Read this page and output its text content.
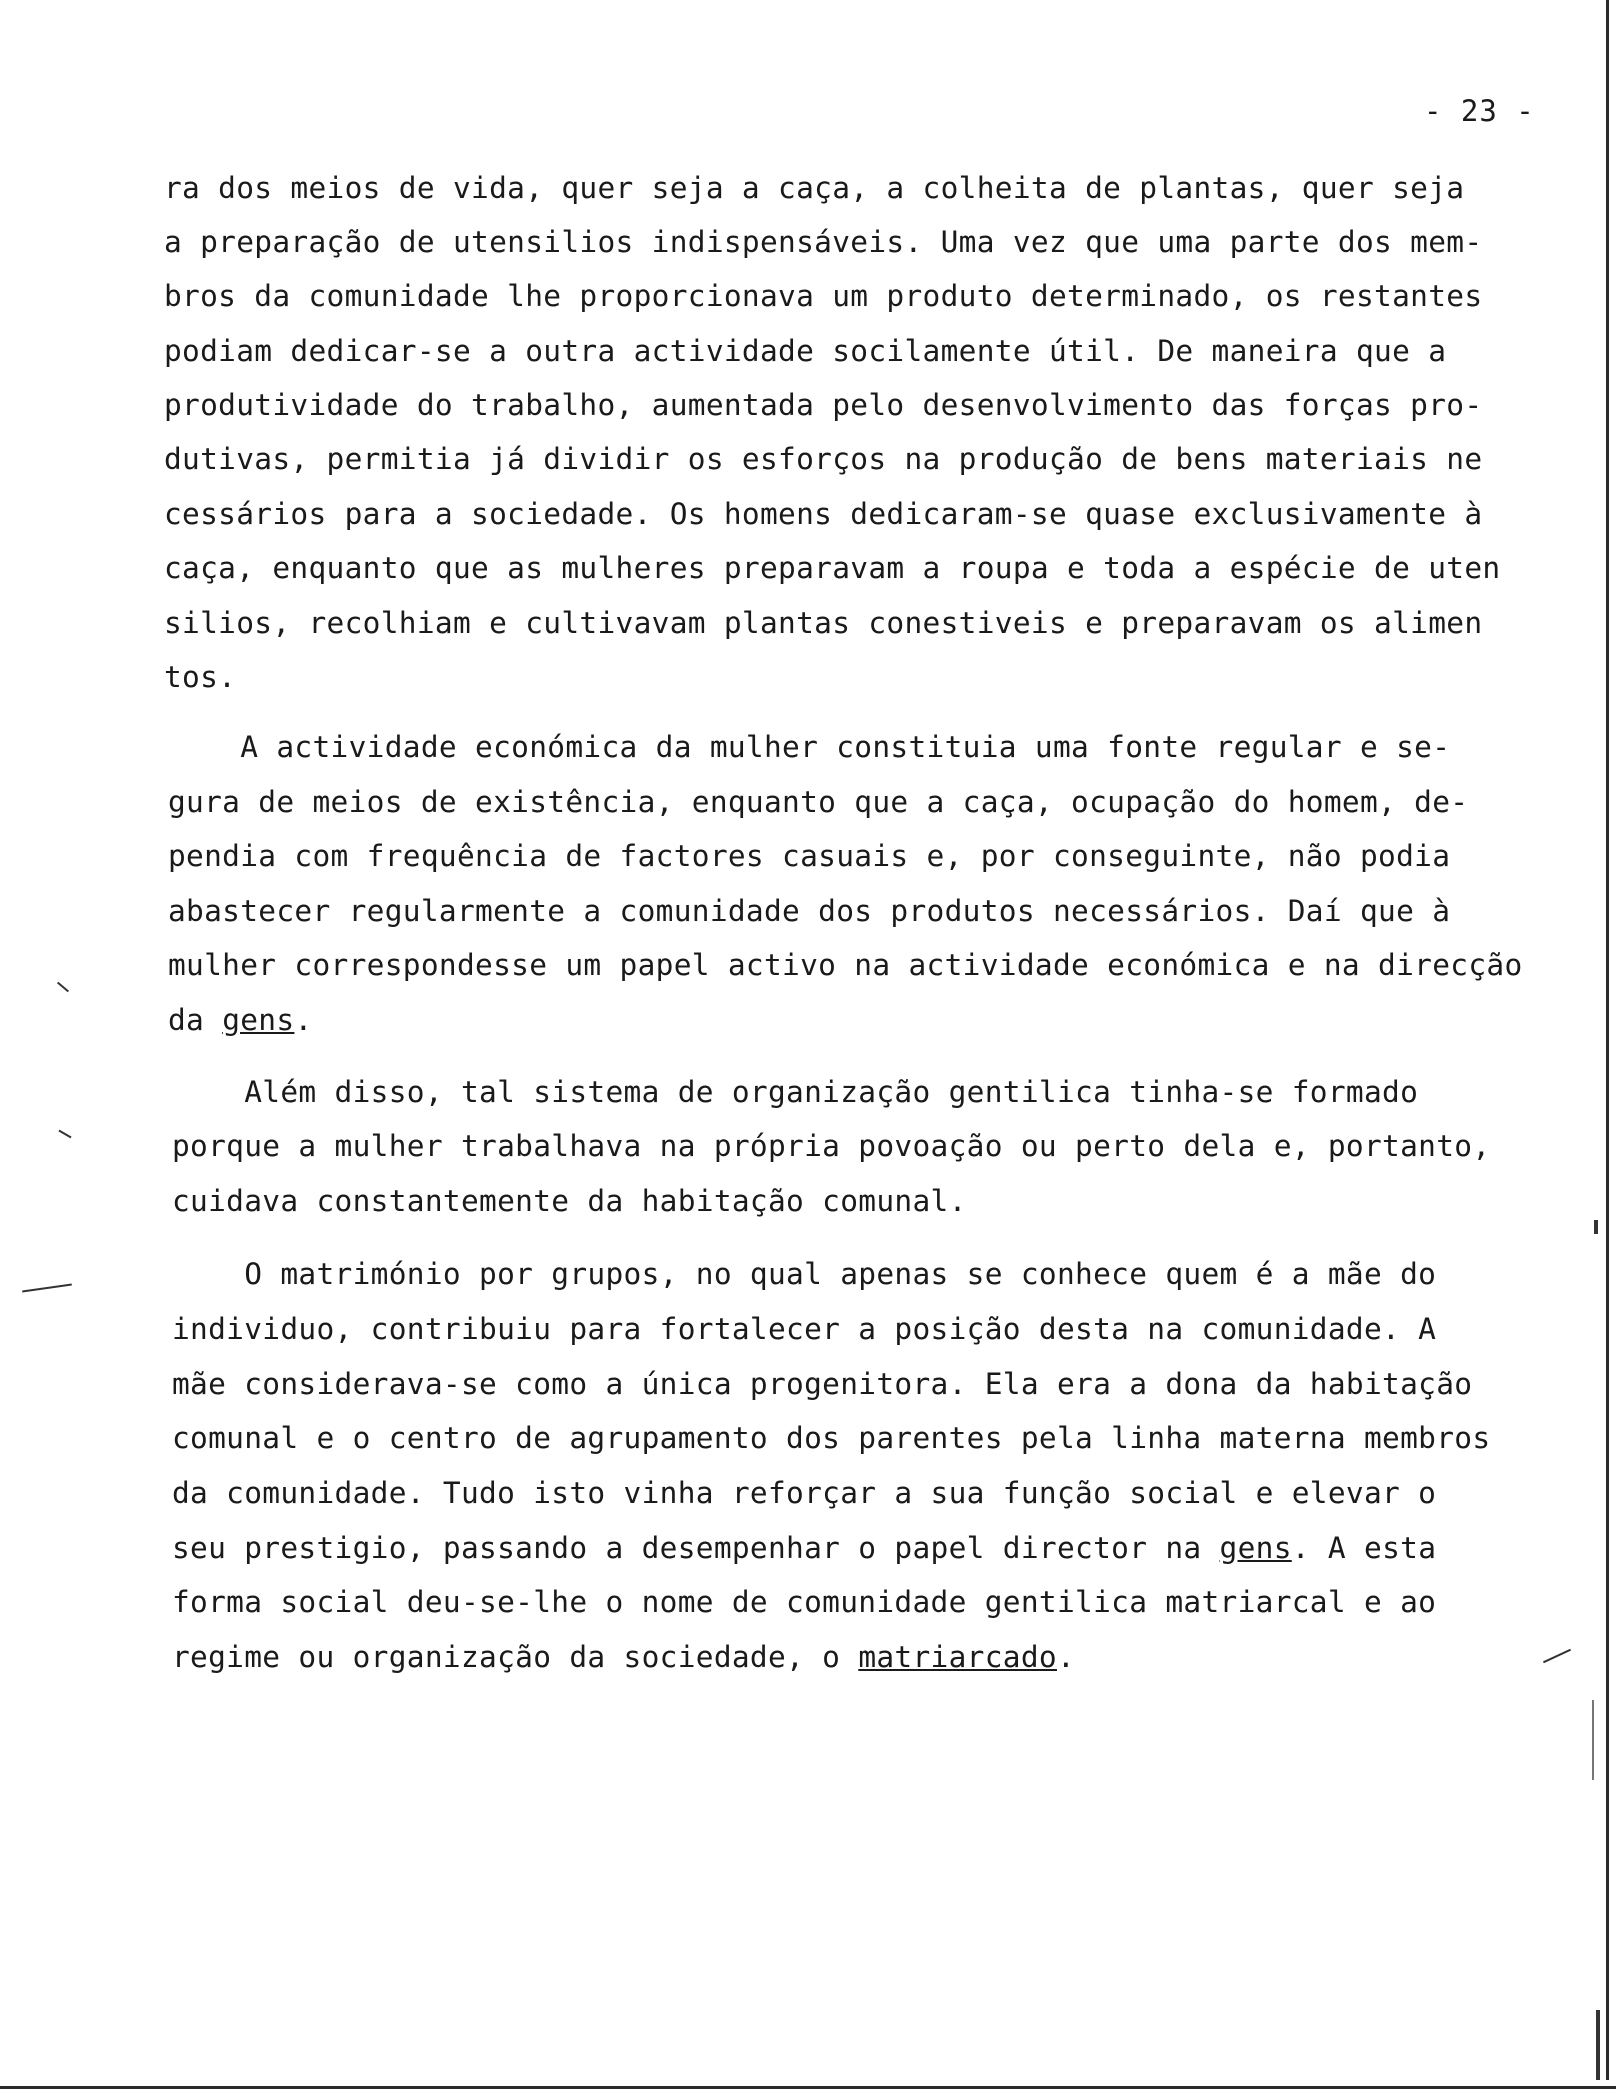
- 23 -
ra dos meios de vida, quer seja a caça, a colheita de plantas, quer seja
a preparação de utensilios indispensáveis. Uma vez que uma parte dos mem-
bros da comunidade lhe proporcionava um produto determinado, os restantes
podiam dedicar-se a outra actividade socilamente útil. De maneira que a
produtividade do trabalho, aumentada pelo desenvolvimento das forças pro-
dutivas, permitia já dividir os esforços na produção de bens materiais ne
cessários para a sociedade. Os homens dedicaram-se quase exclusivamente à
caça, enquanto que as mulheres preparavam a roupa e toda a espécie de uten
silios, recolhiam e cultivavam plantas conestiveis e preparavam os alimen
tos.
A actividade económica da mulher constituia uma fonte regular e se-
gura de meios de existência, enquanto que a caça, ocupação do homem, de-
pendia com frequência de factores casuais e, por conseguinte, não podia
abastecer regularmente a comunidade dos produtos necessários. Daí que à
mulher correspondesse um papel activo na actividade económica e na direcção
da gens.
Além disso, tal sistema de organização gentilica tinha-se formado
porque a mulher trabalhava na própria povoação ou perto dela e, portanto,
cuidava constantemente da habitação comunal.
O matrimónio por grupos, no qual apenas se conhece quem é a mãe do
individuo, contribuiu para fortalecer a posição desta na comunidade. A
mãe considerava-se como a única progenitora. Ela era a dona da habitação
comunal e o centro de agrupamento dos parentes pela linha materna membros
da comunidade. Tudo isto vinha reforçar a sua função social e elevar o
seu prestigio, passando a desempenhar o papel director na gens. A esta
forma social deu-se-lhe o nome de comunidade gentilica matriarcal e ao
regime ou organização da sociedade, o matriarcado.
